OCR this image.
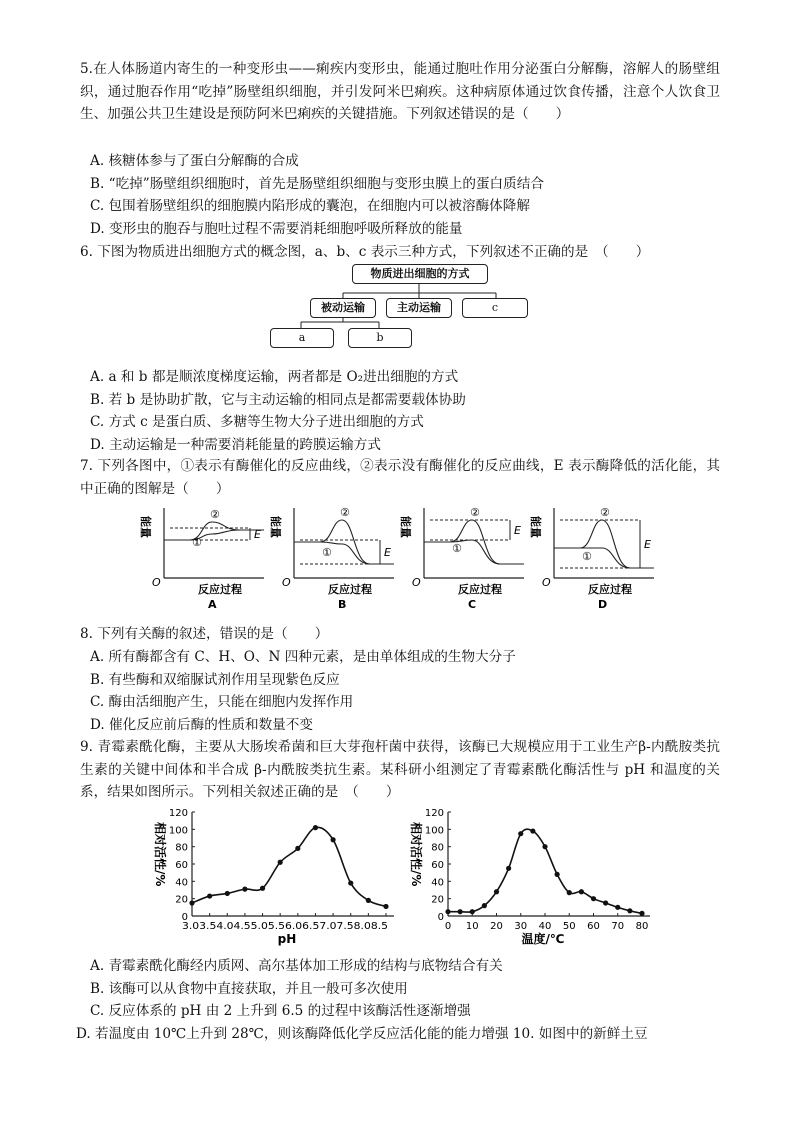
5.在人体肠道内寄生的一种变形虫——痢疾内变形虫，能通过胞吐作用分泌蛋白分解酶，溶解人的肠壁组织，通过胞吞作用“吃掉”肠壁组织细胞，并引发阿米巴痢疾。这种病原体通过饮食传播，注意个人饮食卫生、加强公共卫生建设是预防阿米巴痢疾的关键措施。下列叙述错误的是（　　）
A. 核糖体参与了蛋白分解酶的合成
B. “吃掉”肠壁组织细胞时，首先是肠壁组织细胞与变形虫膜上的蛋白质结合
C. 包围着肠壁组织的细胞膜内陷形成的囊泡，在细胞内可以被溶酶体降解
D. 变形虫的胞吞与胞吐过程不需要消耗细胞呼吸所释放的能量
6. 下图为物质进出细胞方式的概念图，a、b、c 表示三种方式，下列叙述不正确的是　（　　）
物质进出细胞的方式
被动运输	主动运输	c
a	b
A. a 和 b 都是顺浓度梯度运输，两者都是 O₂进出细胞的方式
B. 若 b 是协助扩散，它与主动运输的相同点是都需要载体协助
C. 方式 c 是蛋白质、多糖等生物大分子进出细胞的方式
D. 主动运输是一种需要消耗能量的跨膜运输方式
7. 下列各图中，①表示有酶催化的反应曲线，②表示没有酶催化的反应曲线，E 表示酶降低的活化能，其中正确的图解是（　　）
能量
O
反应过程
A
E
②
①
能量
O
反应过程
B
E
②
①
能量
O
反应过程
C
E
②
①
能量
O
反应过程
D
E
②
①
8. 下列有关酶的叙述，错误的是（　　）
A. 所有酶都含有 C、H、O、N 四种元素，是由单体组成的生物大分子
B. 有些酶和双缩脲试剂作用呈现紫色反应
C. 酶由活细胞产生，只能在细胞内发挥作用
D. 催化反应前后酶的性质和数量不变
9. 青霉素酰化酶，主要从大肠埃希菌和巨大芽孢杆菌中获得，该酶已大规模应用于工业生产β-内酰胺类抗生素的关键中间体和半合成 β-内酰胺类抗生素。某科研小组测定了青霉素酰化酶活性与 pH 和温度的关系，结果如图所示。下列相关叙述正确的是　（　　）
0
20
40
60
80
100
120
相对活性/%
3.03.54.04.55.05.56.06.57.07.58.08.5
pH
0
20
40
60
80
100
120
相对活性/%
0 10 20 30 40 50 60 70 80
温度/℃
A. 青霉素酰化酶经内质网、高尔基体加工形成的结构与底物结合有关
B. 该酶可以从食物中直接获取，并且一般可多次使用
C. 反应体系的 pH 由 2 上升到 6.5 的过程中该酶活性逐渐增强
D. 若温度由 10℃上升到 28℃，则该酶降低化学反应活化能的能力增强 10. 如图中的新鲜土豆
